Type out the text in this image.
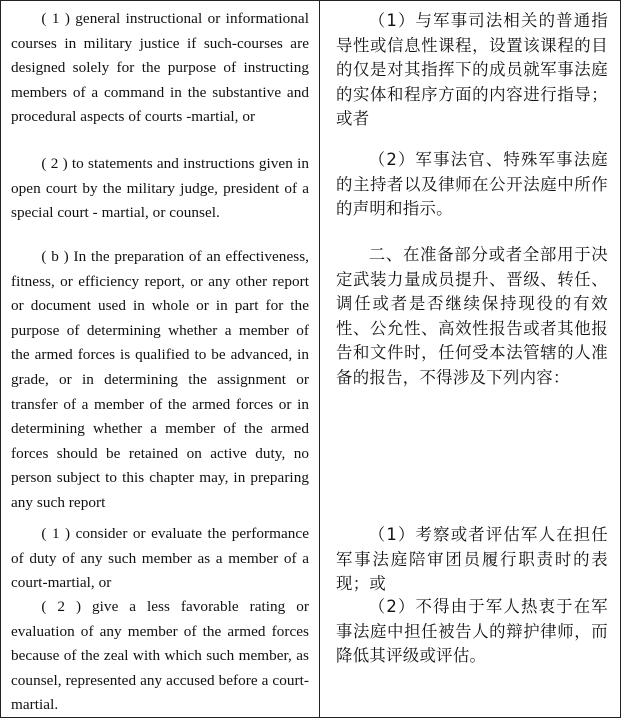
( 1 ) general instructional or informational courses in military justice if such-courses are designed solely for the purpose of instructing members of a command in the substantive and procedural aspects of courts -martial, or

( 2 ) to statements and instructions given in open court by the military judge, president of a special court - martial, or counsel.

( b ) In the preparation of an effectiveness, fitness, or efficiency report, or any other report or document used in whole or in part for the purpose of determining whether a member of the armed forces is qualified to be advanced, in grade, or in determining the assignment or transfer of a member of the armed forces or in determining whether a member of the armed forces should be retained on active duty, no person subject to this chapter may, in preparing any such report

( 1 ) consider or evaluate the performance of duty of any such member as a member of a court-martial, or

( 2 ) give a less favorable rating or evaluation of any member of the armed forces because of the zeal with which such member, as counsel, represented any accused before a court-martial.

（1）与军事司法相关的普通指导性或信息性课程，设置该课程的目的仅是对其指挥下的成员就军事法庭的实体和程序方面的内容进行指导；或者

（2）军事法官、特殊军事法庭的主持者以及律师在公开法庭中所作的声明和指示。

二、在准备部分或者全部用于决定武装力量成员提升、晋级、转任、调任或者是否继续保持现役的有效性、公允性、高效性报告或者其他报告和文件时，任何受本法管辖的人准备的报告，不得涉及下列内容：

（1）考察或者评估军人在担任军事法庭陪审团员履行职责时的表现；或

（2）不得由于军人热衷于在军事法庭中担任被告人的辩护律师，而降低其评级或评估。
